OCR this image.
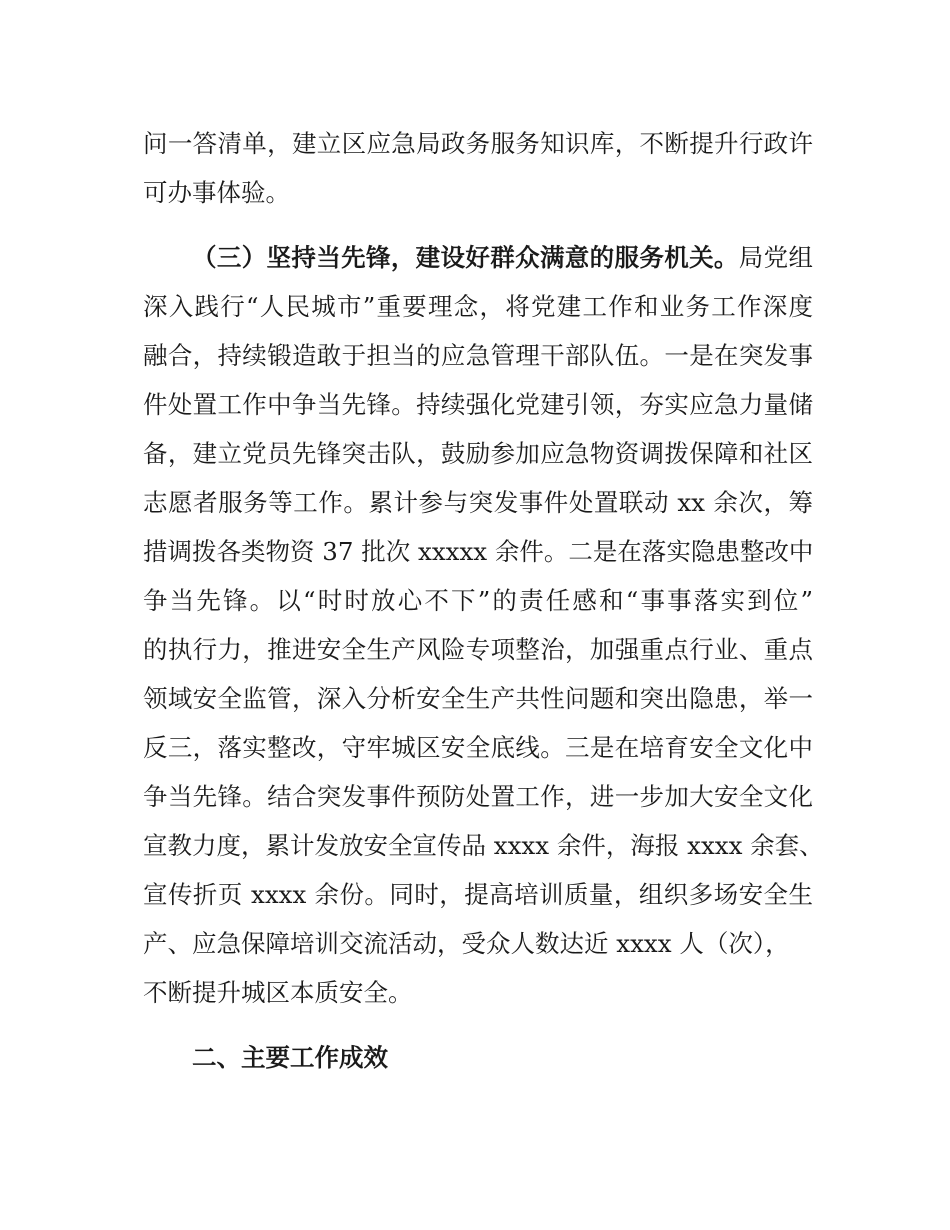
问一答清单，建立区应急局政务服务知识库，不断提升行政许
可办事体验。
（三）坚持当先锋，建设好群众满意的服务机关。局党组
深入践行“人民城市”重要理念，将党建工作和业务工作深度
融合，持续锻造敢于担当的应急管理干部队伍。一是在突发事
件处置工作中争当先锋。持续强化党建引领，夯实应急力量储
备，建立党员先锋突击队，鼓励参加应急物资调拨保障和社区
志愿者服务等工作。累计参与突发事件处置联动 xx 余次，筹
措调拨各类物资 37 批次 xxxxx 余件。二是在落实隐患整改中
争当先锋。以“时时放心不下”的责任感和“事事落实到位”
的执行力，推进安全生产风险专项整治，加强重点行业、重点
领域安全监管，深入分析安全生产共性问题和突出隐患，举一
反三，落实整改，守牢城区安全底线。三是在培育安全文化中
争当先锋。结合突发事件预防处置工作，进一步加大安全文化
宣教力度，累计发放安全宣传品 xxxx 余件，海报 xxxx 余套、
宣传折页 xxxx 余份。同时，提高培训质量，组织多场安全生
产、应急保障培训交流活动，受众人数达近 xxxx 人（次），
不断提升城区本质安全。
二、主要工作成效
